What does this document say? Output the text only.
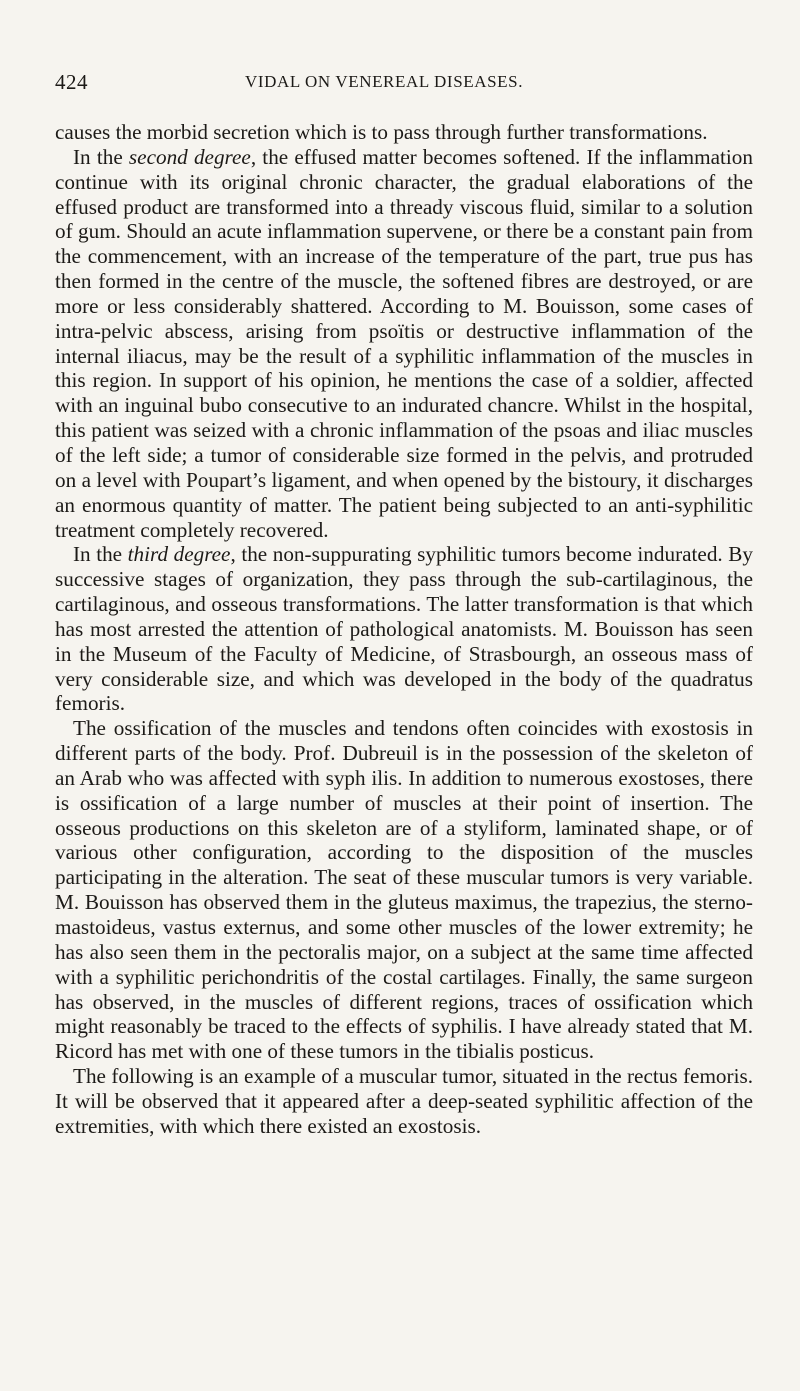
424	VIDAL ON VENEREAL DISEASES.

causes the morbid secretion which is to pass through further transformations.

In the second degree, the effused matter becomes softened. If the inflammation continue with its original chronic character, the gradual elaborations of the effused product are transformed into a thready viscous fluid, similar to a solution of gum. Should an acute inflammation supervene, or there be a constant pain from the commencement, with an increase of the temperature of the part, true pus has then formed in the centre of the muscle, the softened fibres are destroyed, or are more or less considerably shattered. According to M. Bouisson, some cases of intra-pelvic abscess, arising from psoïtis or destructive inflammation of the internal iliacus, may be the result of a syphilitic inflammation of the muscles in this region. In support of his opinion, he mentions the case of a soldier, affected with an inguinal bubo consecutive to an indurated chancre. Whilst in the hospital, this patient was seized with a chronic inflammation of the psoas and iliac muscles of the left side; a tumor of considerable size formed in the pelvis, and protruded on a level with Poupart’s ligament, and when opened by the bistoury, it discharges an enormous quantity of matter. The patient being subjected to an anti-syphilitic treatment completely recovered.

In the third degree, the non-suppurating syphilitic tumors become indurated. By successive stages of organization, they pass through the sub-cartilaginous, the cartilaginous, and osseous transformations. The latter transformation is that which has most arrested the attention of pathological anatomists. M. Bouisson has seen in the Museum of the Faculty of Medicine, of Strasbourgh, an osseous mass of very considerable size, and which was developed in the body of the quadratus femoris.

The ossification of the muscles and tendons often coincides with exostosis in different parts of the body. Prof. Dubreuil is in the possession of the skeleton of an Arab who was affected with syph ilis. In addition to numerous exostoses, there is ossification of a large number of muscles at their point of insertion. The osseous productions on this skeleton are of a styliform, laminated shape, or of various other configuration, according to the disposition of the muscles participating in the alteration. The seat of these muscular tumors is very variable. M. Bouisson has observed them in the gluteus maximus, the trapezius, the sterno-mastoideus, vastus externus, and some other muscles of the lower extremity; he has also seen them in the pectoralis major, on a subject at the same time affected with a syphilitic perichondritis of the costal cartilages. Finally, the same surgeon has observed, in the muscles of different regions, traces of ossification which might reasonably be traced to the effects of syphilis. I have already stated that M. Ricord has met with one of these tumors in the tibialis posticus.

The following is an example of a muscular tumor, situated in the rectus femoris. It will be observed that it appeared after a deep-seated syphilitic affection of the extremities, with which there existed an exostosis.
